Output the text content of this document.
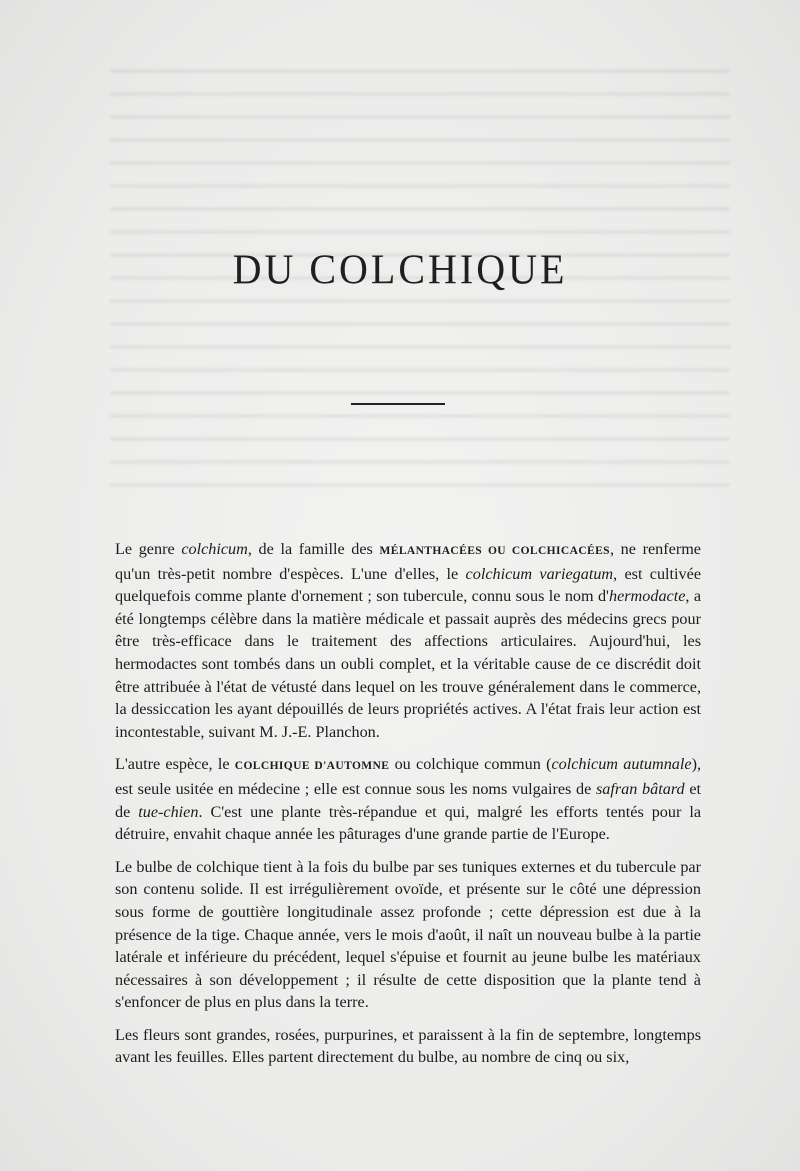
DU COLCHIQUE

Le genre colchicum, de la famille des MÉLANTHACÉES OU COLCHICACÉES, ne renferme qu'un très-petit nombre d'espèces. L'une d'elles, le colchicum variegatum, est cultivée quelquefois comme plante d'ornement ; son tubercule, connu sous le nom d'hermodacte, a été longtemps célèbre dans la matière médicale et passait auprès des médecins grecs pour être très-efficace dans le traitement des affections articulaires. Aujourd'hui, les hermodactes sont tombés dans un oubli complet, et la véritable cause de ce discrédit doit être attribuée à l'état de vétusté dans lequel on les trouve généralement dans le commerce, la dessiccation les ayant dépouillés de leurs propriétés actives. A l'état frais leur action est incontestable, suivant M. J.-E. Planchon.

L'autre espèce, le COLCHIQUE D'AUTOMNE ou colchique commun (colchicum autumnale), est seule usitée en médecine ; elle est connue sous les noms vulgaires de safran bâtard et de tue-chien. C'est une plante très-répandue et qui, malgré les efforts tentés pour la détruire, envahit chaque année les pâturages d'une grande partie de l'Europe.

Le bulbe de colchique tient à la fois du bulbe par ses tuniques externes et du tubercule par son contenu solide. Il est irrégulièrement ovoïde, et présente sur le côté une dépression sous forme de gouttière longitudinale assez profonde ; cette dépression est due à la présence de la tige. Chaque année, vers le mois d'août, il naît un nouveau bulbe à la partie latérale et inférieure du précédent, lequel s'épuise et fournit au jeune bulbe les matériaux nécessaires à son développement ; il résulte de cette disposition que la plante tend à s'enfoncer de plus en plus dans la terre.

Les fleurs sont grandes, rosées, purpurines, et paraissent à la fin de septembre, longtemps avant les feuilles. Elles partent directement du bulbe, au nombre de cinq ou six,
